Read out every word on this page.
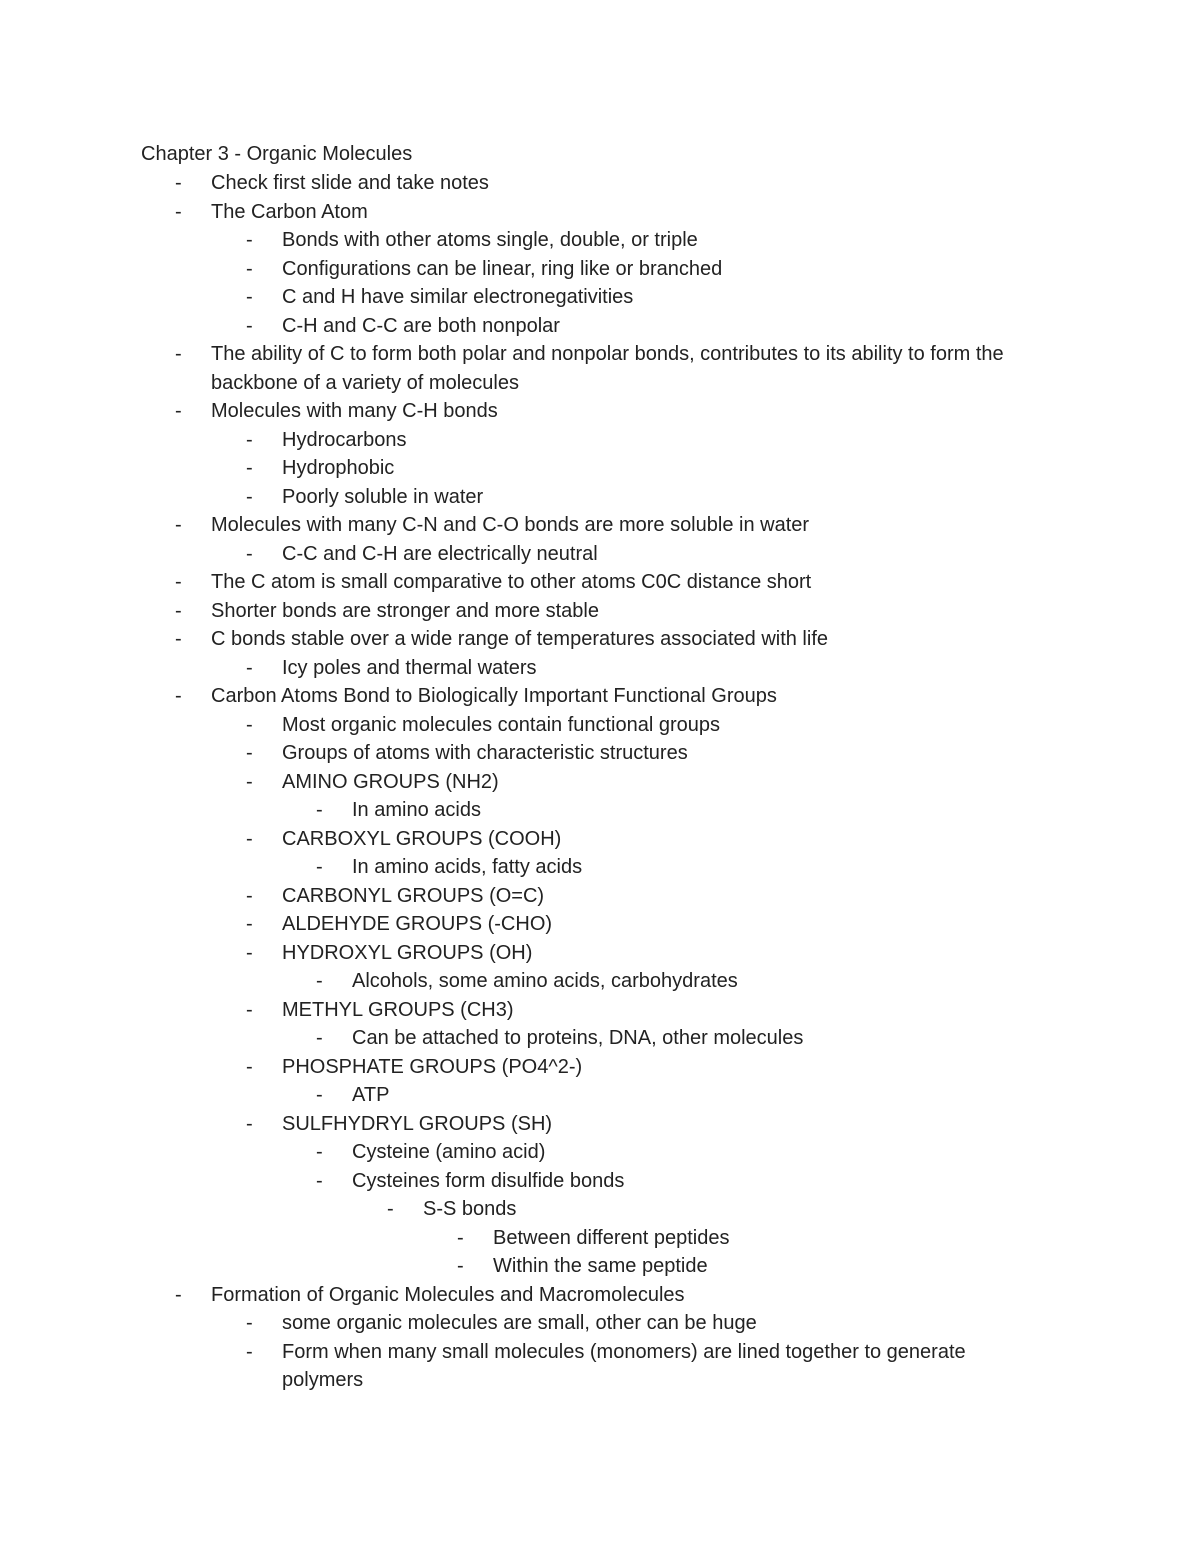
Chapter 3 - Organic Molecules
-	Check first slide and take notes
-	The Carbon Atom
-	Bonds with other atoms single, double, or triple
-	Configurations can be linear, ring like or branched
-	C and H have similar electronegativities
-	C-H and C-C are both nonpolar
-	The ability of C to form both polar and nonpolar bonds, contributes to its ability to form the backbone of a variety of molecules
-	Molecules with many C-H bonds
-	Hydrocarbons
-	Hydrophobic
-	Poorly soluble in water
-	Molecules with many C-N and C-O bonds are more soluble in water
-	C-C and C-H are electrically neutral
-	The C atom is small comparative to other atoms C0C distance short
-	Shorter bonds are stronger and more stable
-	C bonds stable over a wide range of temperatures associated with life
-	Icy poles and thermal waters
-	Carbon Atoms Bond to Biologically Important Functional Groups
-	Most organic molecules contain functional groups
-	Groups of atoms with characteristic structures
-	AMINO GROUPS (NH2)
-	In amino acids
-	CARBOXYL GROUPS (COOH)
-	In amino acids, fatty acids
-	CARBONYL GROUPS (O=C)
-	ALDEHYDE GROUPS (-CHO)
-	HYDROXYL GROUPS (OH)
-	Alcohols, some amino acids, carbohydrates
-	METHYL GROUPS (CH3)
-	Can be attached to proteins, DNA, other molecules
-	PHOSPHATE GROUPS (PO4^2-)
-	ATP
-	SULFHYDRYL GROUPS (SH)
-	Cysteine (amino acid)
-	Cysteines form disulfide bonds
-	S-S bonds
-	Between different peptides
-	Within the same peptide
-	Formation of Organic Molecules and Macromolecules
-	some organic molecules are small, other can be huge
-	Form when many small molecules (monomers) are lined together to generate polymers
